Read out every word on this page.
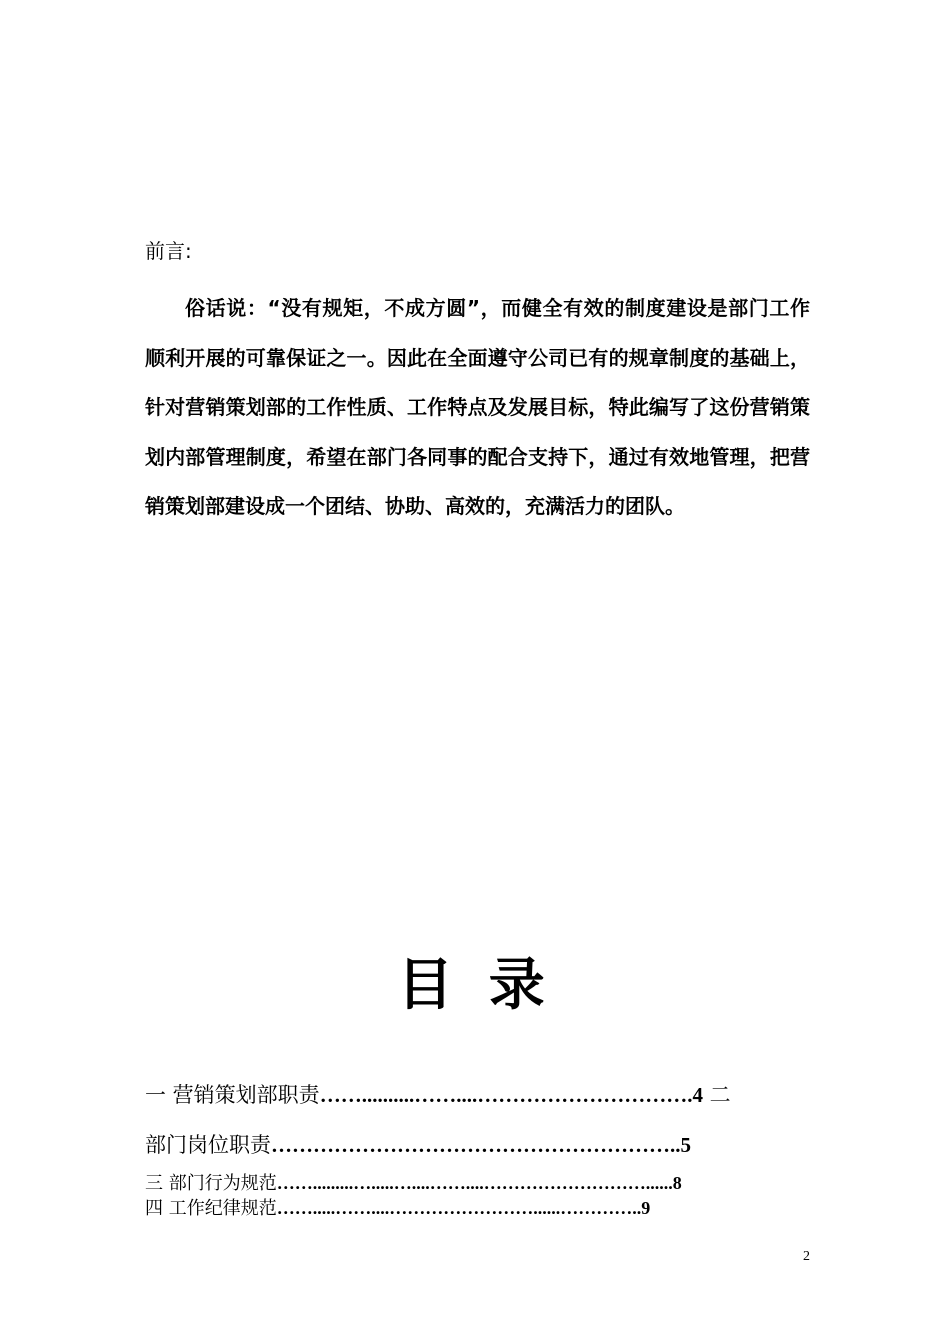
前言:

俗话说：“没有规矩，不成方圆”，而健全有效的制度建设是部门工作顺利开展的可靠保证之一。因此在全面遵守公司已有的规章制度的基础上，针对营销策划部的工作性质、工作特点及发展目标，特此编写了这份营销策划内部管理制度，希望在部门各同事的配合支持下，通过有效地管理，把营销策划部建设成一个团结、协助、高效的，充满活力的团队。

目 录
一 营销策划部职责……..........……....………………………….4 二
部门岗位职责…………………………………………………..5
三 部门行为规范…….........….....…....……....………………………......8
四 工作纪律规范…….....……....……………………......…………..9
2
